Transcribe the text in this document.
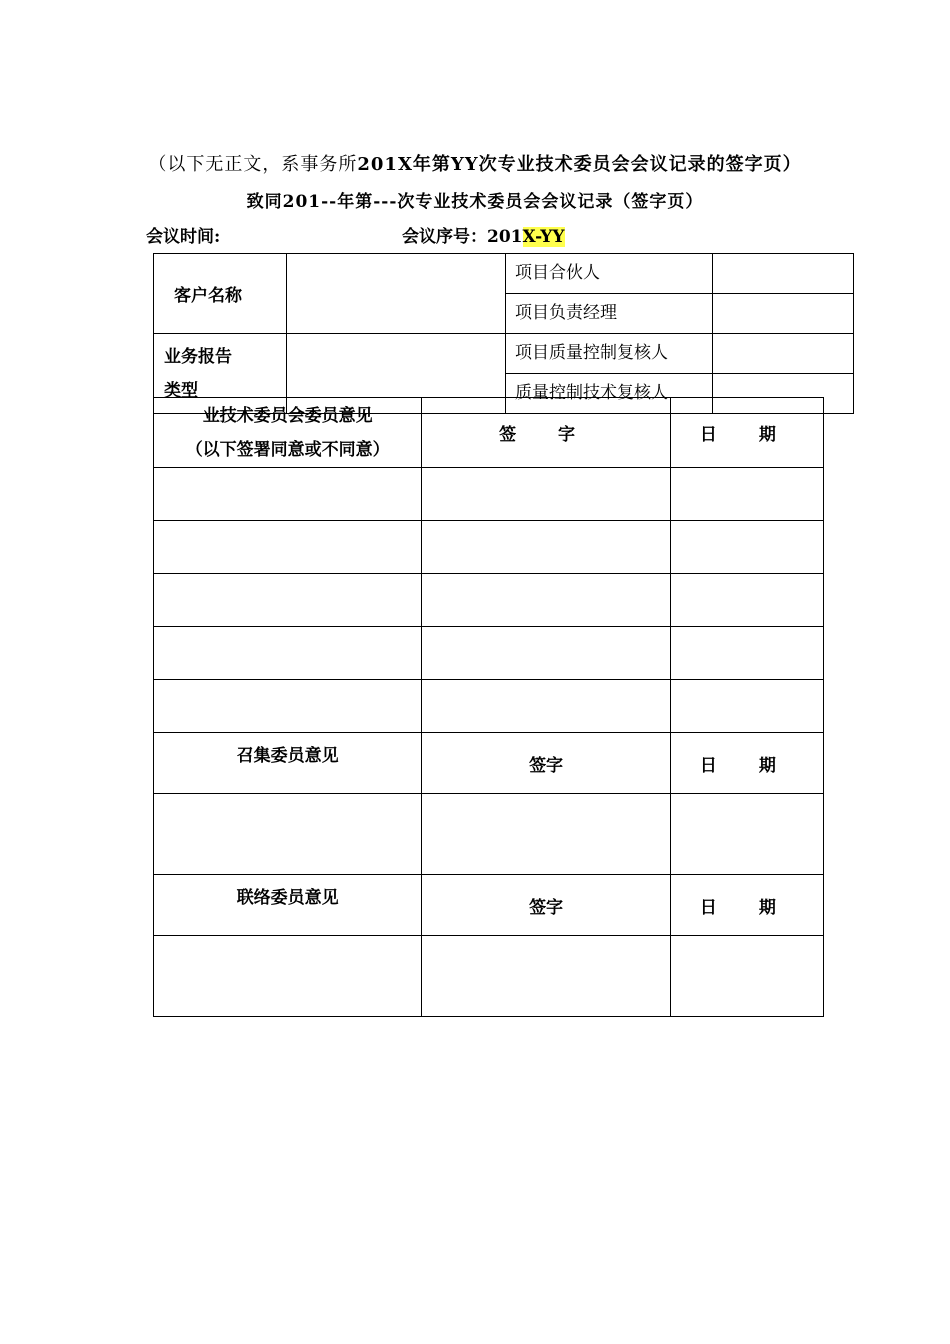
（以下无正文，系事务所201X年第YY次专业技术委员会会议记录的签字页）
致同201--年第---次专业技术委员会会议记录（签字页）
会议时间:	会议序号：201X-YY
客户名称		项目合伙人	
		项目负责经理	
业务报告
类型		项目质量控制复核人	
		质量控制技术复核人	
业技术委员会委员意见
（以下签署同意或不同意）	签 字	日 期

召集委员意见	签字	日 期

联络委员意见	签字	日 期
